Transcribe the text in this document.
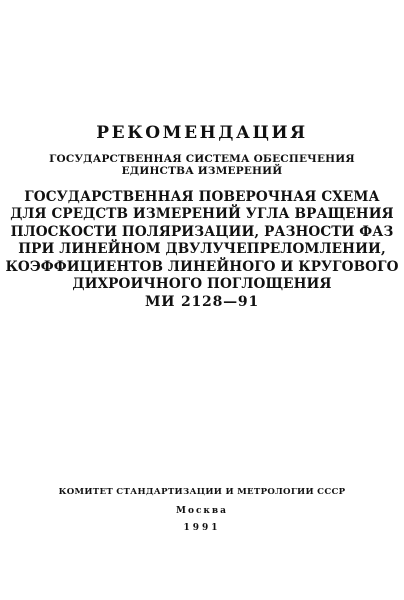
РЕКОМЕНДАЦИЯ
ГОСУДАРСТВЕННАЯ СИСТЕМА ОБЕСПЕЧЕНИЯ
ЕДИНСТВА ИЗМЕРЕНИЙ
ГОСУДАРСТВЕННАЯ ПОВЕРОЧНАЯ СХЕМА
ДЛЯ СРЕДСТВ ИЗМЕРЕНИЙ УГЛА ВРАЩЕНИЯ
ПЛОСКОСТИ ПОЛЯРИЗАЦИИ, РАЗНОСТИ ФАЗ
ПРИ ЛИНЕЙНОМ ДВУЛУЧЕПРЕЛОМЛЕНИИ,
КОЭФФИЦИЕНТОВ ЛИНЕЙНОГО И КРУГОВОГО
ДИХРОИЧНОГО ПОГЛОЩЕНИЯ
МИ 2128—91
КОМИТЕТ СТАНДАРТИЗАЦИИ И МЕТРОЛОГИИ СССР
Москва
1991
